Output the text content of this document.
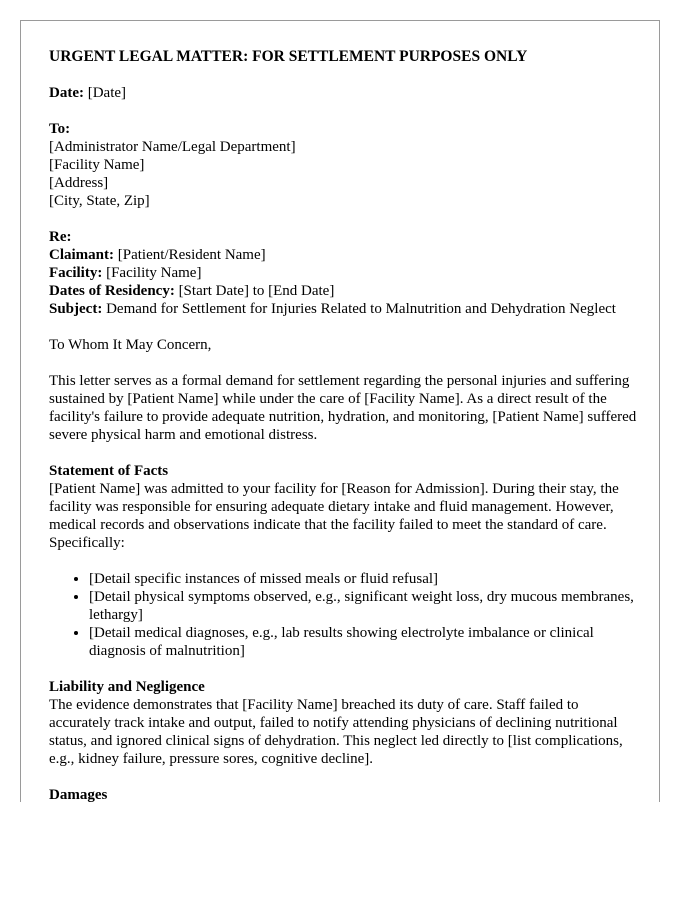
URGENT LEGAL MATTER: FOR SETTLEMENT PURPOSES ONLY
Date: [Date]
To:
[Administrator Name/Legal Department]
[Facility Name]
[Address]
[City, State, Zip]
Re:
Claimant: [Patient/Resident Name]
Facility: [Facility Name]
Dates of Residency: [Start Date] to [End Date]
Subject: Demand for Settlement for Injuries Related to Malnutrition and Dehydration Neglect
To Whom It May Concern,
This letter serves as a formal demand for settlement regarding the personal injuries and suffering sustained by [Patient Name] while under the care of [Facility Name]. As a direct result of the facility's failure to provide adequate nutrition, hydration, and monitoring, [Patient Name] suffered severe physical harm and emotional distress.
Statement of Facts
[Patient Name] was admitted to your facility for [Reason for Admission]. During their stay, the facility was responsible for ensuring adequate dietary intake and fluid management. However, medical records and observations indicate that the facility failed to meet the standard of care. Specifically:
• [Detail specific instances of missed meals or fluid refusal]
• [Detail physical symptoms observed, e.g., significant weight loss, dry mucous membranes, lethargy]
• [Detail medical diagnoses, e.g., lab results showing electrolyte imbalance or clinical diagnosis of malnutrition]
Liability and Negligence
The evidence demonstrates that [Facility Name] breached its duty of care. Staff failed to accurately track intake and output, failed to notify attending physicians of declining nutritional status, and ignored clinical signs of dehydration. This neglect led directly to [list complications, e.g., kidney failure, pressure sores, cognitive decline].
Damages
